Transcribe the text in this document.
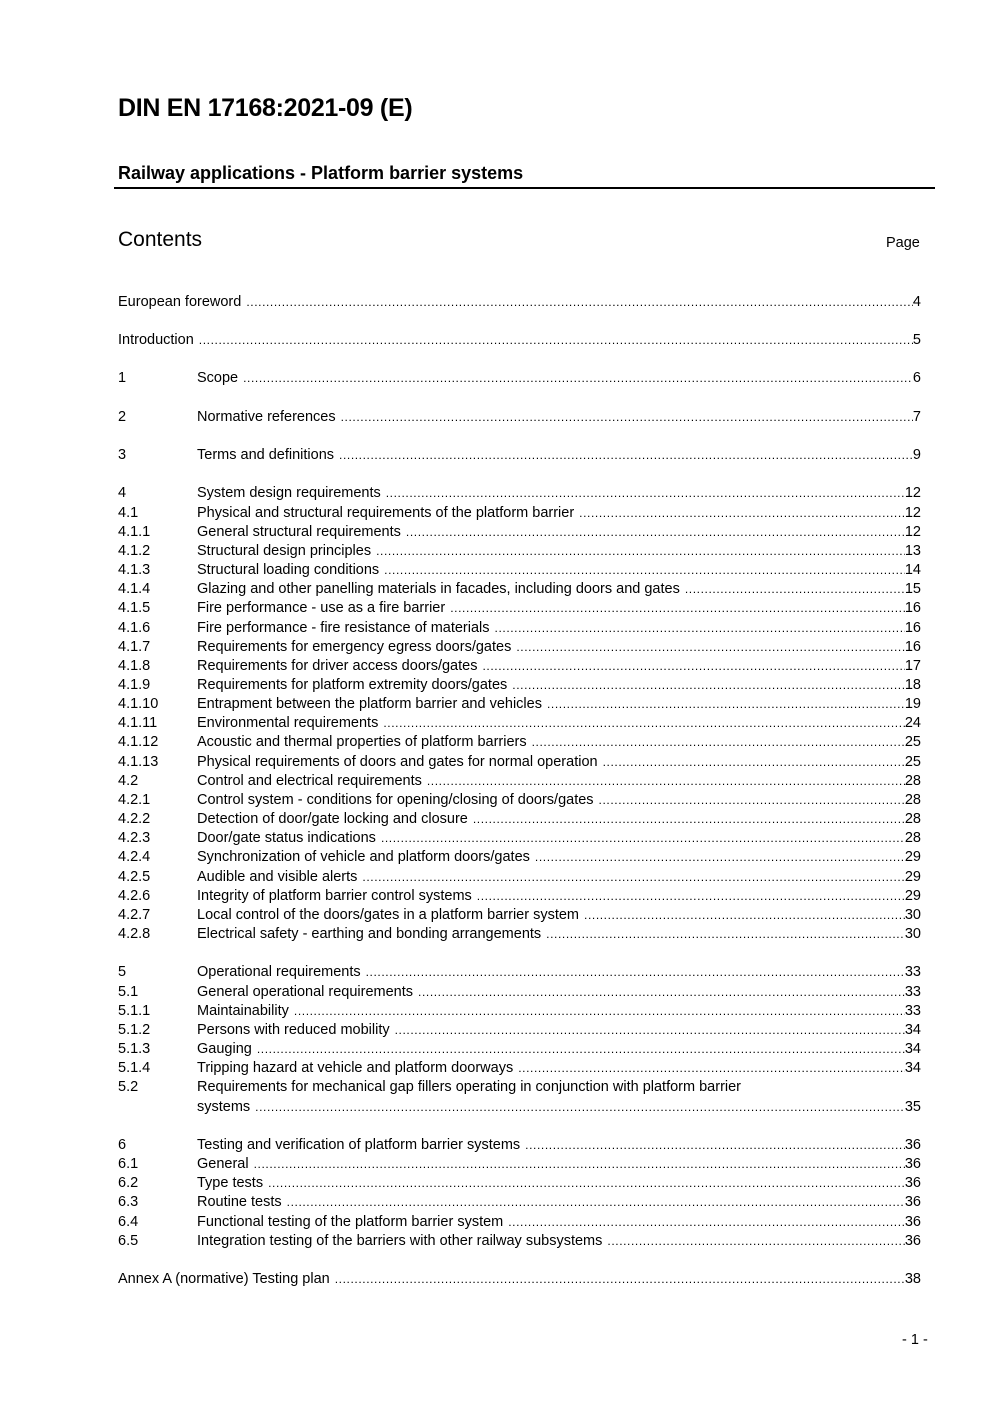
DIN EN 17168:2021-09 (E)
Railway applications - Platform barrier systems
Contents	Page
European foreword .....	4
Introduction .....	5
1	Scope .....	6
2	Normative references .....	7
3	Terms and definitions .....	9
4	System design requirements .....	12
4.1	Physical and structural requirements of the platform barrier .....	12
4.1.1	General structural requirements .....	12
4.1.2	Structural design principles .....	13
4.1.3	Structural loading conditions .....	14
4.1.4	Glazing and other panelling materials in facades, including doors and gates .....	15
4.1.5	Fire performance - use as a fire barrier .....	16
4.1.6	Fire performance - fire resistance of materials .....	16
4.1.7	Requirements for emergency egress doors/gates .....	16
4.1.8	Requirements for driver access doors/gates .....	17
4.1.9	Requirements for platform extremity doors/gates .....	18
4.1.10	Entrapment between the platform barrier and vehicles .....	19
4.1.11	Environmental requirements .....	24
4.1.12	Acoustic and thermal properties of platform barriers .....	25
4.1.13	Physical requirements of doors and gates for normal operation .....	25
4.2	Control and electrical requirements .....	28
4.2.1	Control system - conditions for opening/closing of doors/gates .....	28
4.2.2	Detection of door/gate locking and closure .....	28
4.2.3	Door/gate status indications .....	28
4.2.4	Synchronization of vehicle and platform doors/gates .....	29
4.2.5	Audible and visible alerts .....	29
4.2.6	Integrity of platform barrier control systems .....	29
4.2.7	Local control of the doors/gates in a platform barrier system .....	30
4.2.8	Electrical safety - earthing and bonding arrangements .....	30
5	Operational requirements .....	33
5.1	General operational requirements .....	33
5.1.1	Maintainability .....	33
5.1.2	Persons with reduced mobility .....	34
5.1.3	Gauging .....	34
5.1.4	Tripping hazard at vehicle and platform doorways .....	34
5.2	Requirements for mechanical gap fillers operating in conjunction with platform barrier
systems .....	35
6	Testing and verification of platform barrier systems .....	36
6.1	General .....	36
6.2	Type tests .....	36
6.3	Routine tests .....	36
6.4	Functional testing of the platform barrier system .....	36
6.5	Integration testing of the barriers with other railway subsystems .....	36
Annex A (normative) Testing plan .....	38
- 1 -
